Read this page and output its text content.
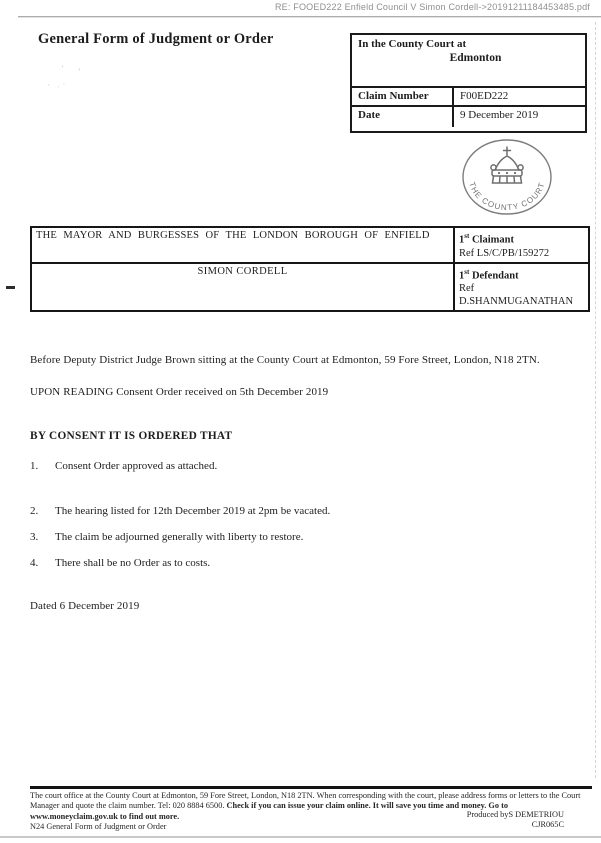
RE: FOOED222 Enfield Council V Simon Cordell->20191211184453485.pdf
General Form of Judgment or Order
' ,
, .'
In the County Court at
Edmonton
Claim Number	F00ED222
Date	9 December 2019
THE COUNTY COURT
THE MAYOR AND BURGESSES OF THE LONDON BOROUGH OF ENFIELD	1st Claimant
Ref LS/C/PB/159272
SIMON CORDELL	1st Defendant
Ref
D.SHANMUGANATHAN
Before Deputy District Judge Brown sitting at the County Court at Edmonton, 59 Fore Street, London, N18 2TN.
UPON READING Consent Order received on 5th December 2019
BY CONSENT IT IS ORDERED THAT
1. Consent Order approved as attached.
2. The hearing listed for 12th December 2019 at 2pm be vacated.
3. The claim be adjourned generally with liberty to restore.
4. There shall be no Order as to costs.
Dated 6 December 2019
The court office at the County Court at Edmonton, 59 Fore Street, London, N18 2TN. When corresponding with the court, please address forms or letters to the Court Manager and quote the claim number. Tel: 020 8884 6500. Check if you can issue your claim online. It will save you time and money. Go to www.moneyclaim.gov.uk to find out more.	Produced byS DEMETRIOU
CJR065C
N24 General Form of Judgment or Order
